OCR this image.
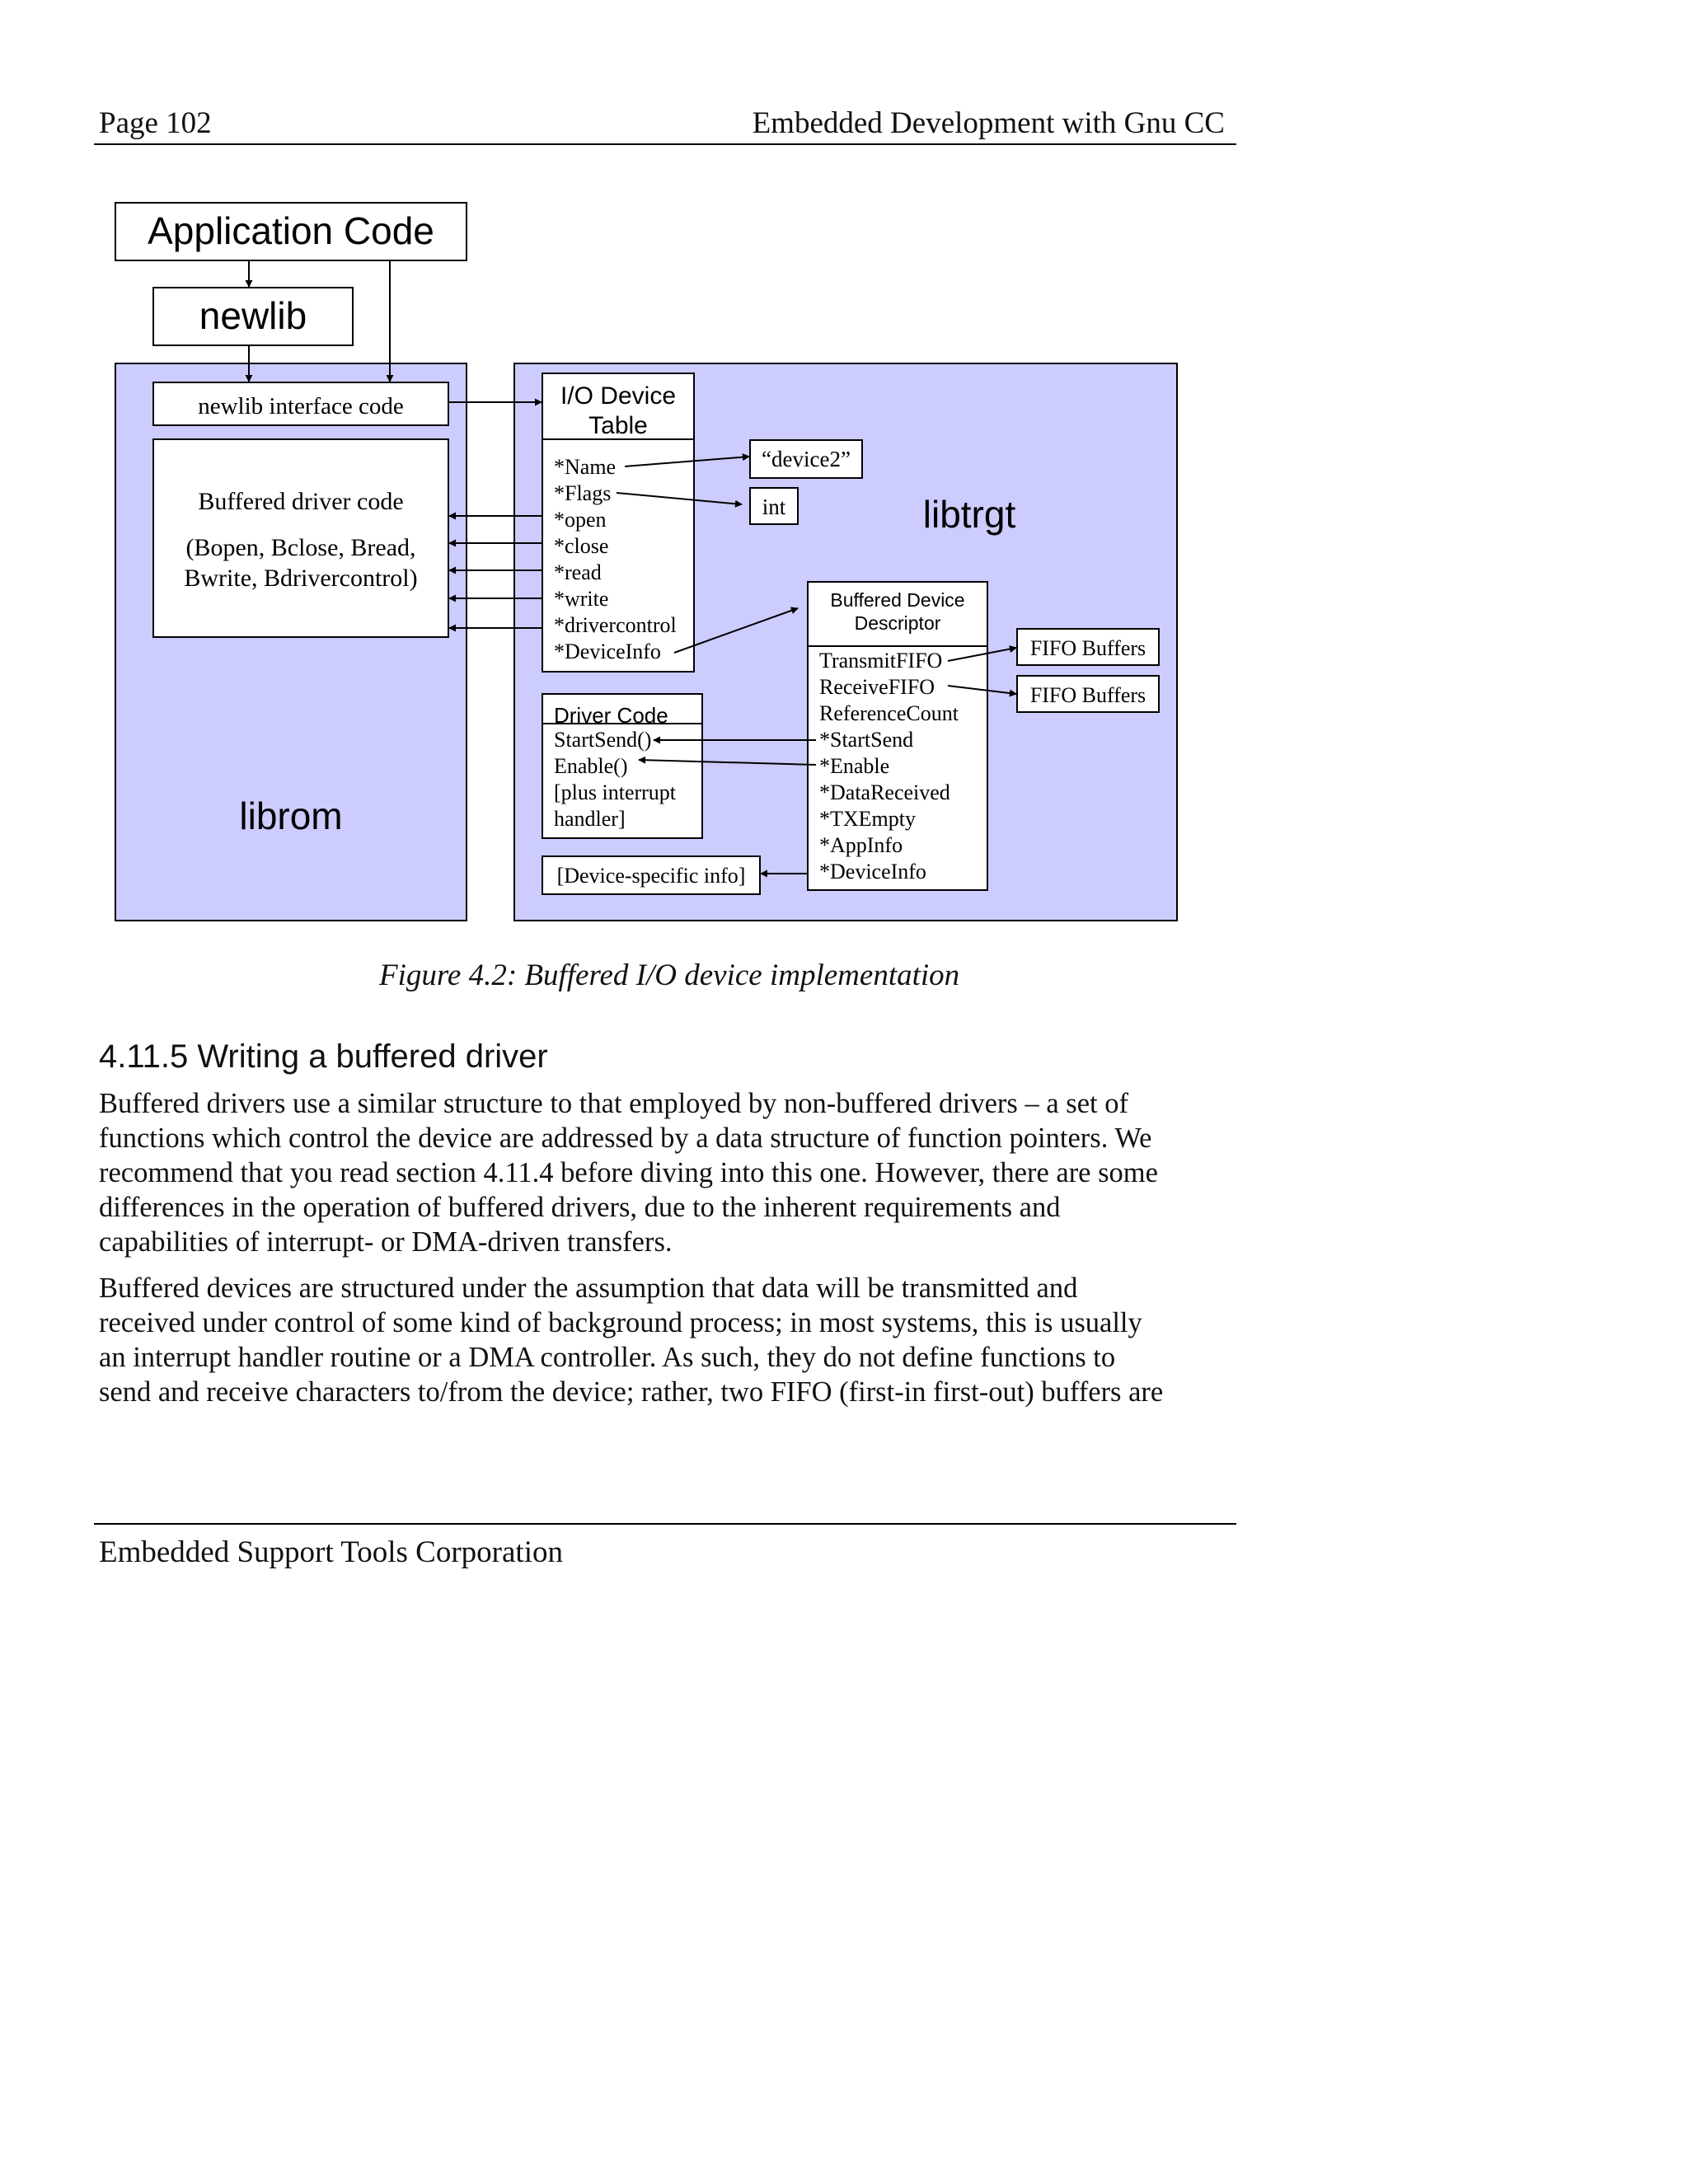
Page 102	Embedded Development with Gnu CC
Application Code
newlib
newlib interface code
Buffered driver code
(Bopen, Bclose, Bread,
Bwrite, Bdrivercontrol)
librom
libtrgt
I/O Device
Table
*Name
*Flags
*open
*close
*read
*write
*drivercontrol
*DeviceInfo
“device2”
int
Driver Code
StartSend()
Enable()
[plus interrupt
handler]
[Device-specific info]
Buffered Device
Descriptor
TransmitFIFO
ReceiveFIFO
ReferenceCount
*StartSend
*Enable
*DataReceived
*TXEmpty
*AppInfo
*DeviceInfo
FIFO Buffers
FIFO Buffers
Figure 4.2: Buffered I/O device implementation
4.11.5 Writing a buffered driver
Buffered drivers use a similar structure to that employed by non-buffered drivers – a set of
functions which control the device are addressed by a data structure of function pointers. We
recommend that you read section 4.11.4 before diving into this one. However, there are some
differences in the operation of buffered drivers, due to the inherent requirements and
capabilities of interrupt- or DMA-driven transfers.
Buffered devices are structured under the assumption that data will be transmitted and
received under control of some kind of background process; in most systems, this is usually
an interrupt handler routine or a DMA controller. As such, they do not define functions to
send and receive characters to/from the device; rather, two FIFO (first-in first-out) buffers are
Embedded Support Tools Corporation
